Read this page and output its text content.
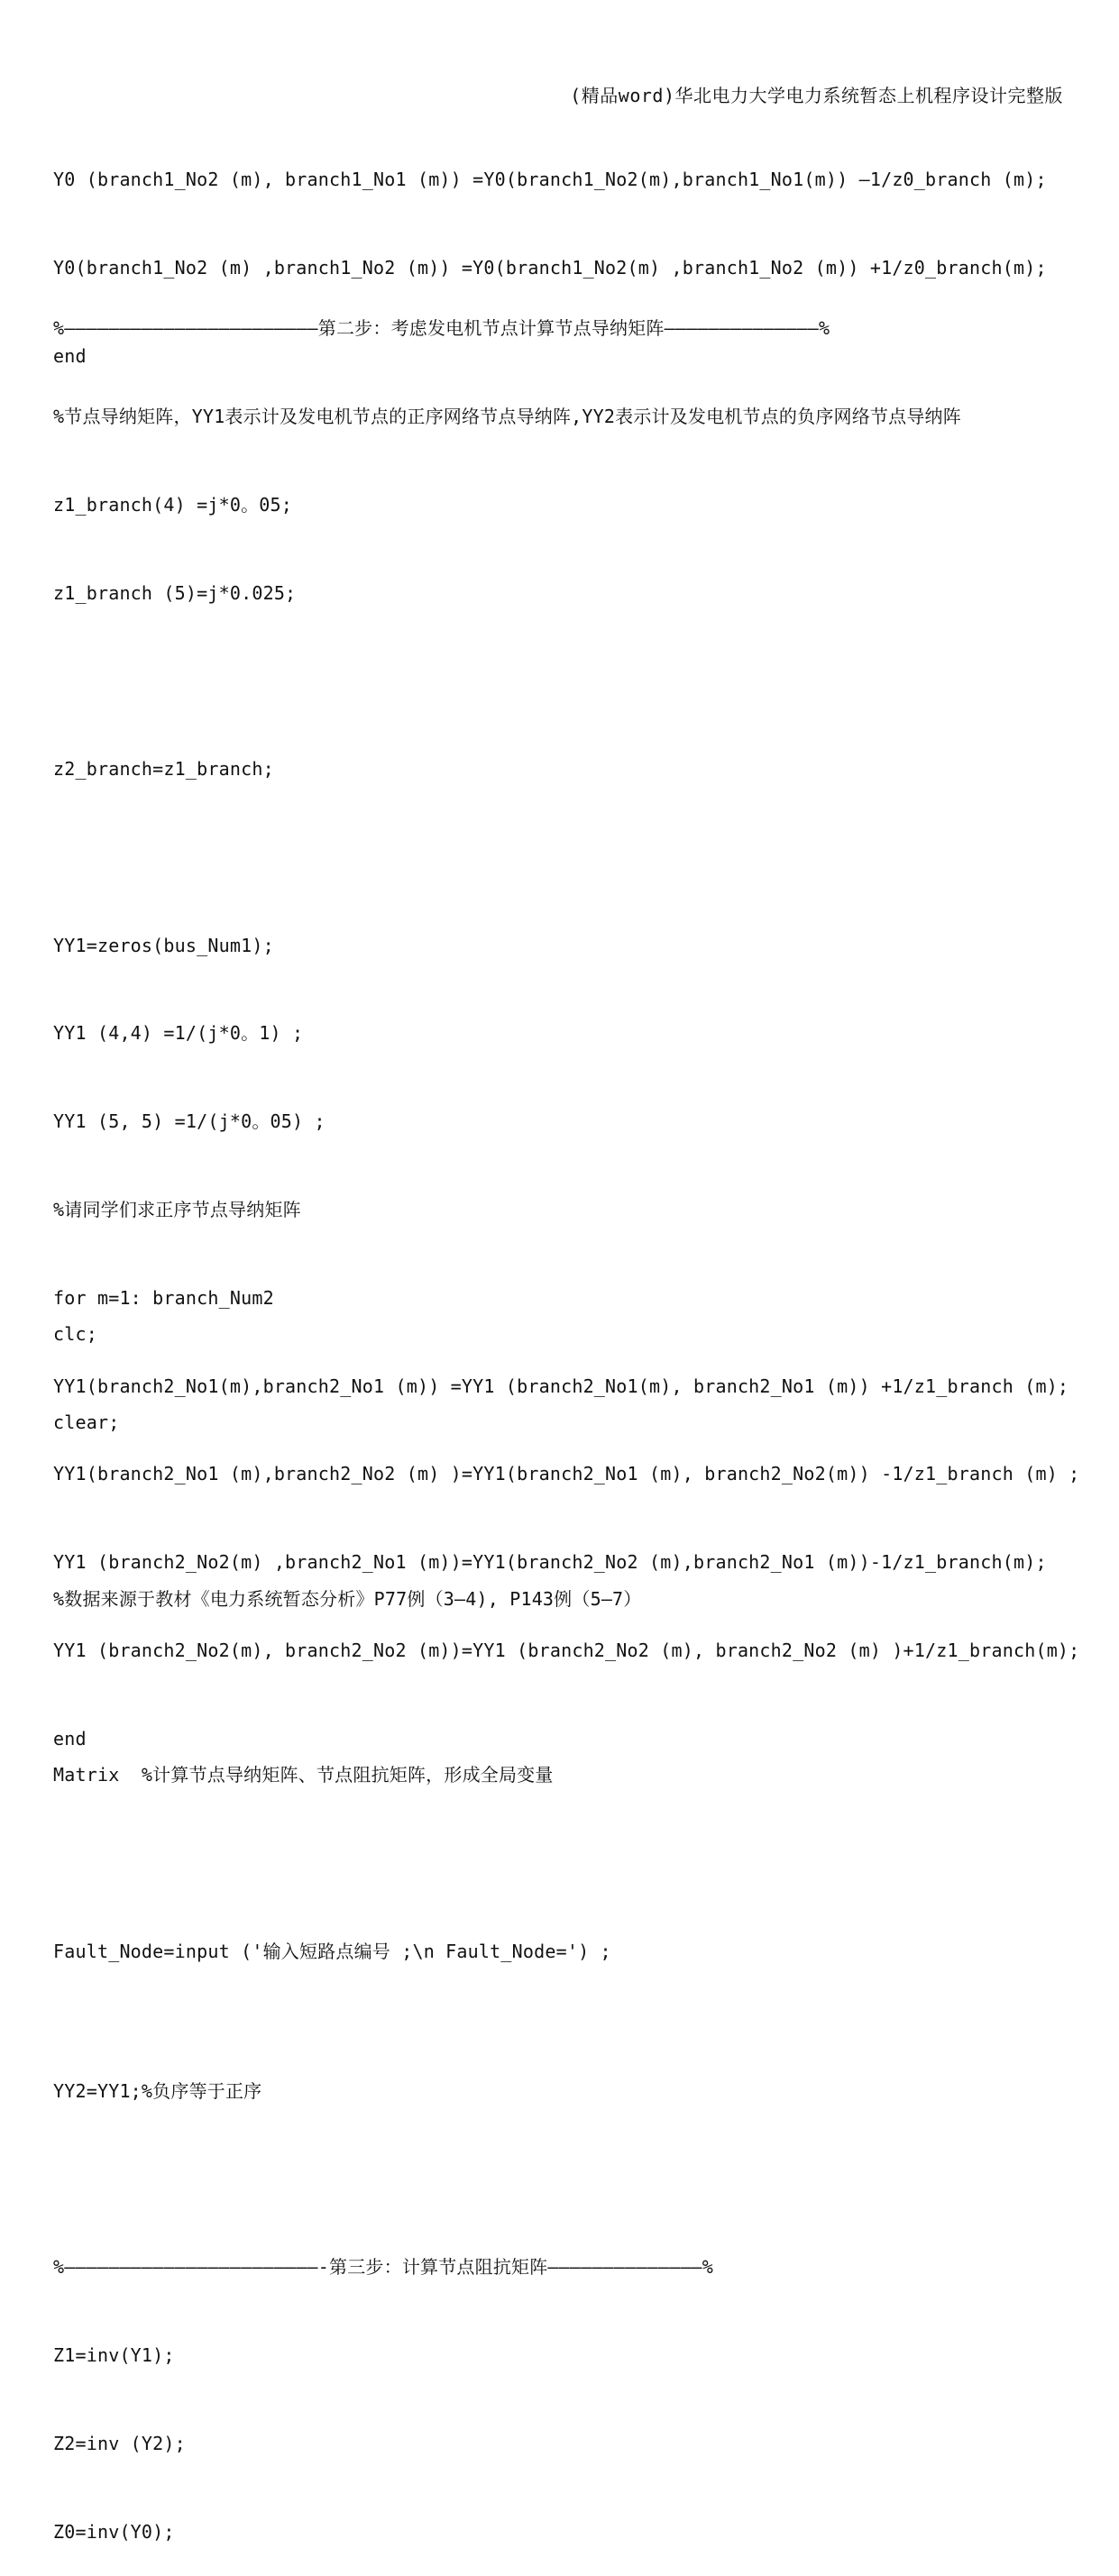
(精品word)华北电力大学电力系统暂态上机程序设计完整版

Y0 (branch1_No2 (m), branch1_No1 (m)) =Y0(branch1_No2(m),branch1_No1(m)) —1/z0_branch (m);

Y0(branch1_No2 (m) ,branch1_No2 (m)) =Y0(branch1_No2(m) ,branch1_No2 (m)) +1/z0_branch(m);

end

%———————————————————————第二步：考虑发电机节点计算节点导纳矩阵——————————————%

%节点导纳矩阵，YY1表示计及发电机节点的正序网络节点导纳阵,YY2表示计及发电机节点的负序网络节点导纳阵

z1_branch(4) =j*0。05;

z1_branch (5)=j*0.025;

z2_branch=z1_branch;

YY1=zeros(bus_Num1);

YY1 (4,4) =1/(j*0。1) ;

YY1 (5, 5) =1/(j*0。05) ;

%请同学们求正序节点导纳矩阵

for m=1: branch_Num2

YY1(branch2_No1(m),branch2_No1 (m)) =YY1 (branch2_No1(m), branch2_No1 (m)) +1/z1_branch (m);

YY1(branch2_No1 (m),branch2_No2 (m) )=YY1(branch2_No1 (m), branch2_No2(m)) -1/z1_branch (m) ;

YY1 (branch2_No2(m) ,branch2_No1 (m))=YY1(branch2_No2 (m),branch2_No1 (m))-1/z1_branch(m);

YY1 (branch2_No2(m), branch2_No2 (m))=YY1 (branch2_No2 (m), branch2_No2 (m) )+1/z1_branch(m);

end

YY2=YY1;%负序等于正序

%———————————————————————-第三步：计算节点阻抗矩阵——————————————%

Z1=inv(Y1);

Z2=inv (Y2);

Z0=inv(Y0);

clc;

clear;

%数据来源于教材《电力系统暂态分析》P77例（3—4), P143例（5—7）

Matrix  %计算节点导纳矩阵、节点阻抗矩阵，形成全局变量

Fault_Node=input ('输入短路点编号 ;\n Fault_Node=') ;
